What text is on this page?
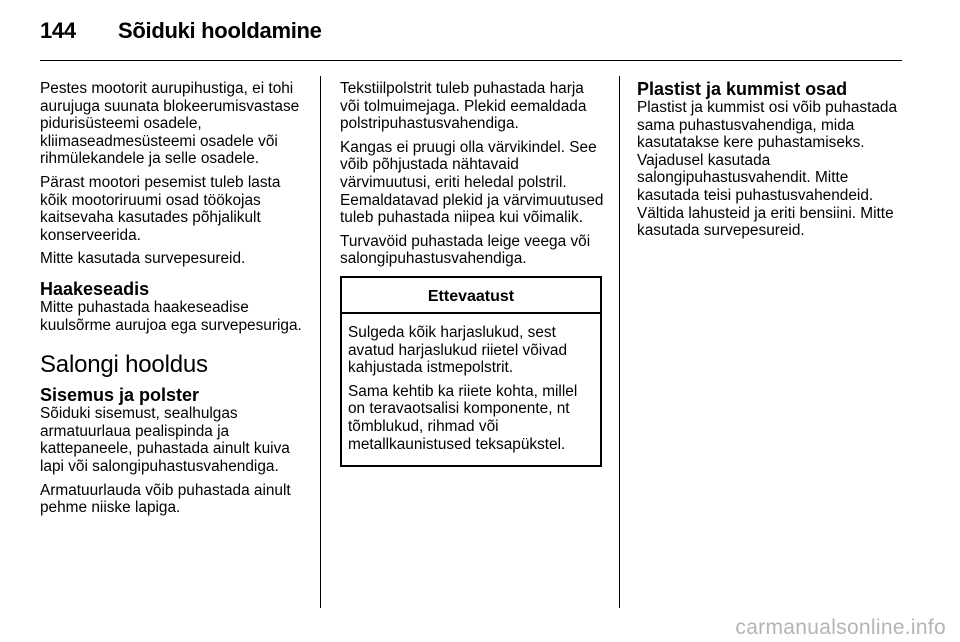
144 Sõiduki hooldamine

Pestes mootorit aurupihustiga, ei tohi aurujuga suunata blokeerumisvastase pidurisüsteemi osadele, kliimaseadmesüsteemi osadele või rihmülekandele ja selle osadele.

Pärast mootori pesemist tuleb lasta kõik mootoriruumi osad töökojas kaitsevaha kasutades põhjalikult konserveerida.

Mitte kasutada survepesureid.

Haakeseadis

Mitte puhastada haakeseadise kuulsõrme aurujoa ega survepesuriga.

Salongi hooldus
Sisemus ja polster

Sõiduki sisemust, sealhulgas armatuurlaua pealispinda ja kattepaneele, puhastada ainult kuiva lapi või salongipuhastusvahendiga.

Armatuurlauda võib puhastada ainult pehme niiske lapiga.

Tekstiilpolstrit tuleb puhastada harja või tolmuimejaga. Plekid eemaldada polstripuhastusvahendiga.

Kangas ei pruugi olla värvikindel. See võib põhjustada nähtavaid värvimuutusi, eriti heledal polstril. Eemaldatavad plekid ja värvimuutused tuleb puhastada niipea kui võimalik.

Turvavöid puhastada leige veega või salongipuhastusvahendiga.

Ettevaatust

Sulgeda kõik harjaslukud, sest avatud harjaslukud riietel võivad kahjustada istmepolstrit.

Sama kehtib ka riiete kohta, millel on teravaotsalisi komponente, nt tõmblukud, rihmad või metallkaunistused teksapükstel.

Plastist ja kummist osad

Plastist ja kummist osi võib puhastada sama puhastusvahendiga, mida kasutatakse kere puhastamiseks. Vajadusel kasutada salongipuhastusvahendit. Mitte kasutada teisi puhastusvahendeid. Vältida lahusteid ja eriti bensiini. Mitte kasutada survepesureid.

carmanualsonline.info
